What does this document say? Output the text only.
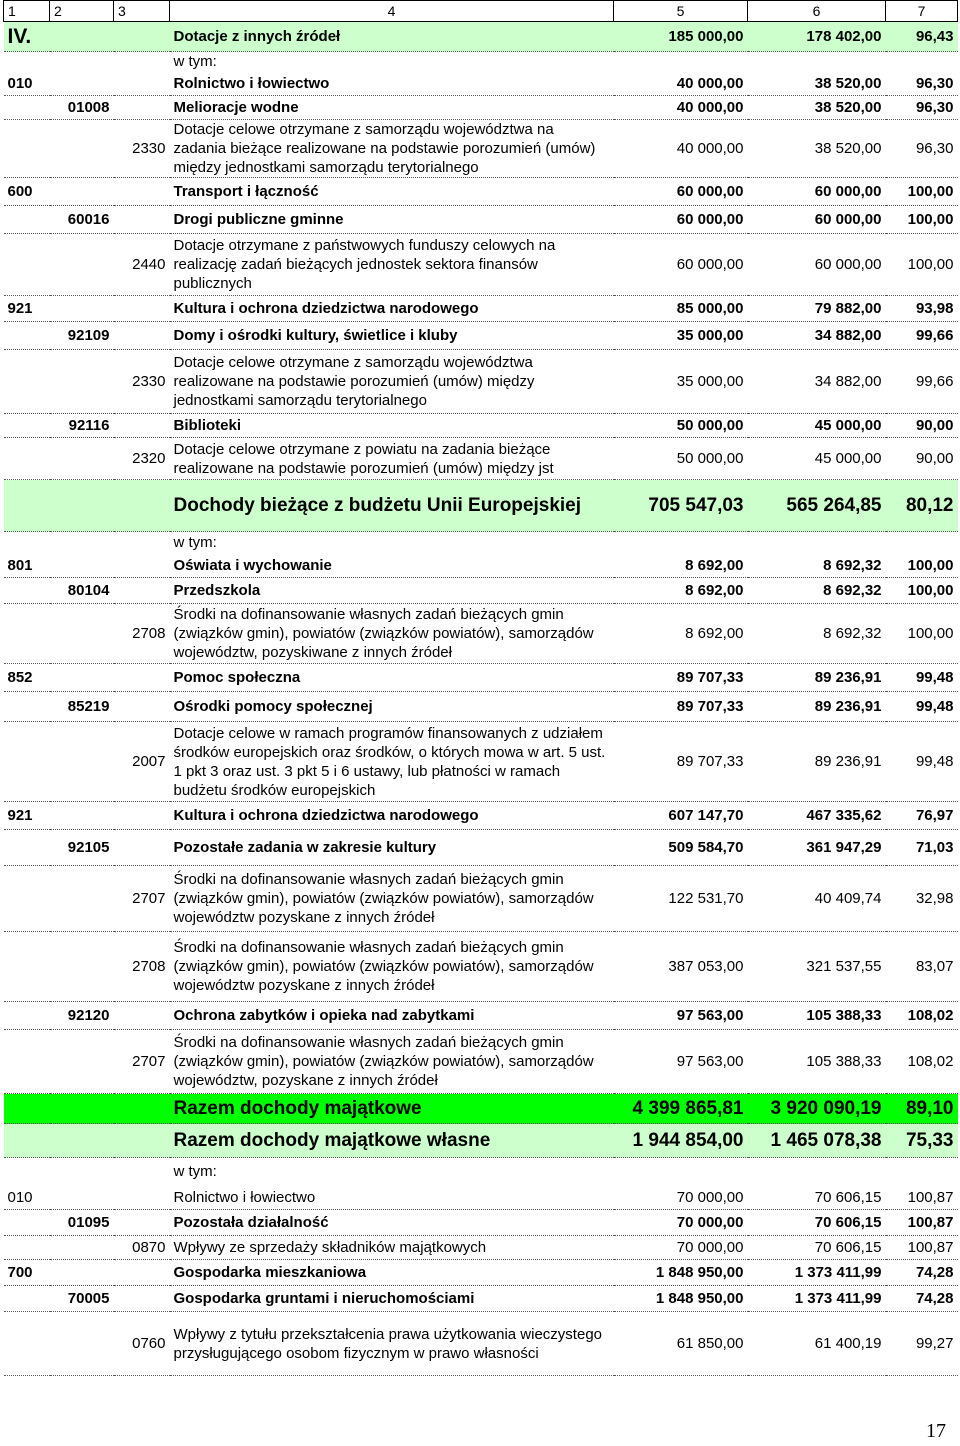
1	2	3	4	5	6	7
IV.			Dotacje z innych źródeł	185 000,00	178 402,00	96,43
			w tym:			
010			Rolnictwo i łowiectwo	40 000,00	38 520,00	96,30
	01008		Melioracje wodne	40 000,00	38 520,00	96,30
		2330	Dotacje celowe otrzymane z samorządu województwa na zadania bieżące realizowane na podstawie porozumień (umów) między jednostkami samorządu terytorialnego	40 000,00	38 520,00	96,30
600			Transport i łączność	60 000,00	60 000,00	100,00
	60016		Drogi publiczne gminne	60 000,00	60 000,00	100,00
		2440	Dotacje otrzymane z państwowych funduszy celowych na realizację zadań bieżących jednostek sektora finansów publicznych	60 000,00	60 000,00	100,00
921			Kultura i ochrona dziedzictwa narodowego	85 000,00	79 882,00	93,98
	92109		Domy i ośrodki kultury, świetlice i kluby	35 000,00	34 882,00	99,66
		2330	Dotacje celowe otrzymane z samorządu województwa realizowane na podstawie porozumień (umów) między jednostkami samorządu terytorialnego	35 000,00	34 882,00	99,66
	92116		Biblioteki	50 000,00	45 000,00	90,00
		2320	Dotacje celowe otrzymane z powiatu na zadania bieżące realizowane na podstawie porozumień (umów) między jst	50 000,00	45 000,00	90,00
			Dochody bieżące z budżetu Unii Europejskiej	705 547,03	565 264,85	80,12
			w tym:			
801			Oświata i wychowanie	8 692,00	8 692,32	100,00
	80104		Przedszkola	8 692,00	8 692,32	100,00
		2708	Środki na dofinansowanie własnych zadań bieżących gmin (związków gmin), powiatów (związków powiatów), samorządów województw, pozyskiwane z innych źródeł	8 692,00	8 692,32	100,00
852			Pomoc społeczna	89 707,33	89 236,91	99,48
	85219		Ośrodki pomocy społecznej	89 707,33	89 236,91	99,48
		2007	Dotacje celowe w ramach programów finansowanych z udziałem środków europejskich oraz środków, o których mowa w art. 5 ust. 1 pkt 3 oraz ust. 3 pkt 5 i 6 ustawy, lub płatności w ramach budżetu środków europejskich	89 707,33	89 236,91	99,48
921			Kultura i ochrona dziedzictwa narodowego	607 147,70	467 335,62	76,97
	92105		Pozostałe zadania w zakresie kultury	509 584,70	361 947,29	71,03
		2707	Środki na dofinansowanie własnych zadań bieżących gmin (związków gmin), powiatów (związków powiatów), samorządów województw pozyskane z innych źródeł	122 531,70	40 409,74	32,98
		2708	Środki na dofinansowanie własnych zadań bieżących gmin (związków gmin), powiatów (związków powiatów), samorządów województw pozyskane z innych źródeł	387 053,00	321 537,55	83,07
	92120		Ochrona zabytków i opieka nad zabytkami	97 563,00	105 388,33	108,02
		2707	Środki na dofinansowanie własnych zadań bieżących gmin (związków gmin), powiatów (związków powiatów), samorządów województw, pozyskane z innych źródeł	97 563,00	105 388,33	108,02
			Razem dochody majątkowe	4 399 865,81	3 920 090,19	89,10
			Razem dochody majątkowe własne	1 944 854,00	1 465 078,38	75,33
			w tym:			
010			Rolnictwo i łowiectwo	70 000,00	70 606,15	100,87
	01095		Pozostała działalność	70 000,00	70 606,15	100,87
		0870	Wpływy ze sprzedaży składników majątkowych	70 000,00	70 606,15	100,87
700			Gospodarka mieszkaniowa	1 848 950,00	1 373 411,99	74,28
	70005		Gospodarka gruntami i nieruchomościami	1 848 950,00	1 373 411,99	74,28
		0760	Wpływy z tytułu przekształcenia prawa użytkowania wieczystego przysługującego osobom fizycznym w prawo własności	61 850,00	61 400,19	99,27
17
